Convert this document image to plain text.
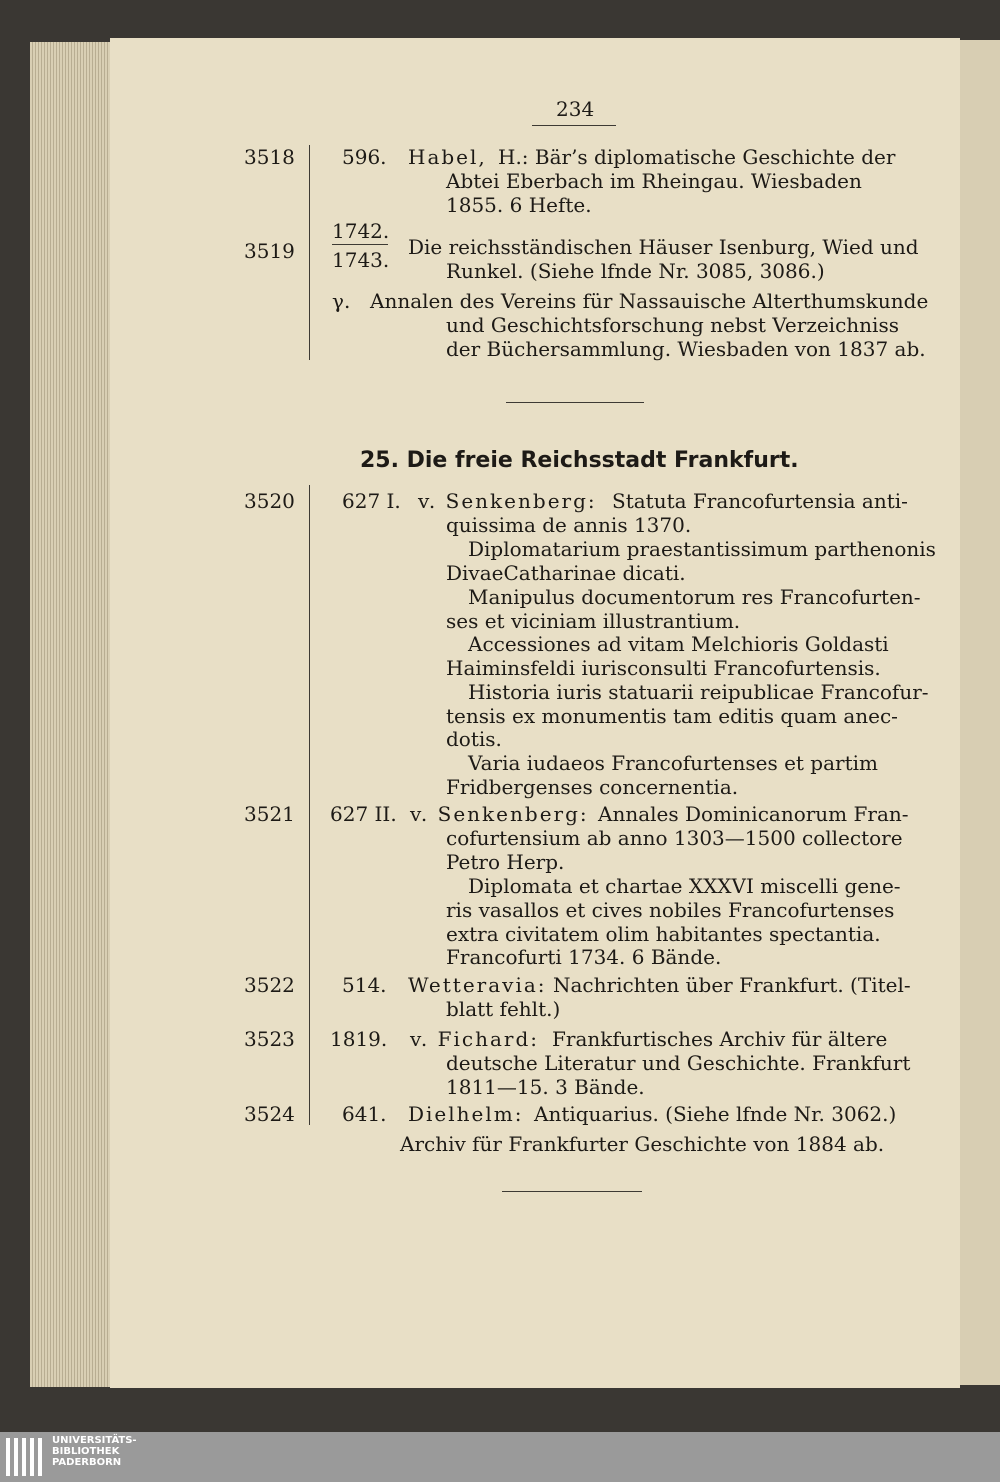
234
3518 596. Habel, H.: Bär’s diplomatische Geschichte der
Abtei Eberbach im Rheingau. Wiesbaden
1855. 6 Hefte.
3519
1742.
1743.
Die reichsständischen Häuser Isenburg, Wied und
Runkel. (Siehe lfnde Nr. 3085, 3086.)
γ. Annalen des Vereins für Nassauische Alterthumskunde
und Geschichtsforschung nebst Verzeichniss
der Büchersammlung. Wiesbaden von 1837 ab.
25. Die freie Reichsstadt Frankfurt.
3520 627 I. v. Senkenberg: Statuta Francofurtensia anti-
quissima de annis 1370.
Diplomatarium praestantissimum parthenonis
DivaeCatharinae dicati.
Manipulus documentorum res Francofurten-
ses et viciniam illustrantium.
Accessiones ad vitam Melchioris Goldasti
Haiminsfeldi iurisconsulti Francofurtensis.
Historia iuris statuarii reipublicae Francofur-
tensis ex monumentis tam editis quam anec-
dotis.
Varia iudaeos Francofurtenses et partim
Fridbergenses concernentia.
3521 627 II. v. Senkenberg: Annales Dominicanorum Fran-
cofurtensium ab anno 1303—1500 collectore
Petro Herp.
Diplomata et chartae XXXVI miscelli gene-
ris vasallos et cives nobiles Francofurtenses
extra civitatem olim habitantes spectantia.
Francofurti 1734. 6 Bände.
3522 514. Wetteravia: Nachrichten über Frankfurt. (Titel-
blatt fehlt.)
3523 1819. v. Fichard: Frankfurtisches Archiv für ältere
deutsche Literatur und Geschichte. Frankfurt
1811—15. 3 Bände.
3524 641. Dielhelm: Antiquarius. (Siehe lfnde Nr. 3062.)
Archiv für Frankfurter Geschichte von 1884 ab.
UNIVERSITÄTS-
BIBLIOTHEK
PADERBORN
